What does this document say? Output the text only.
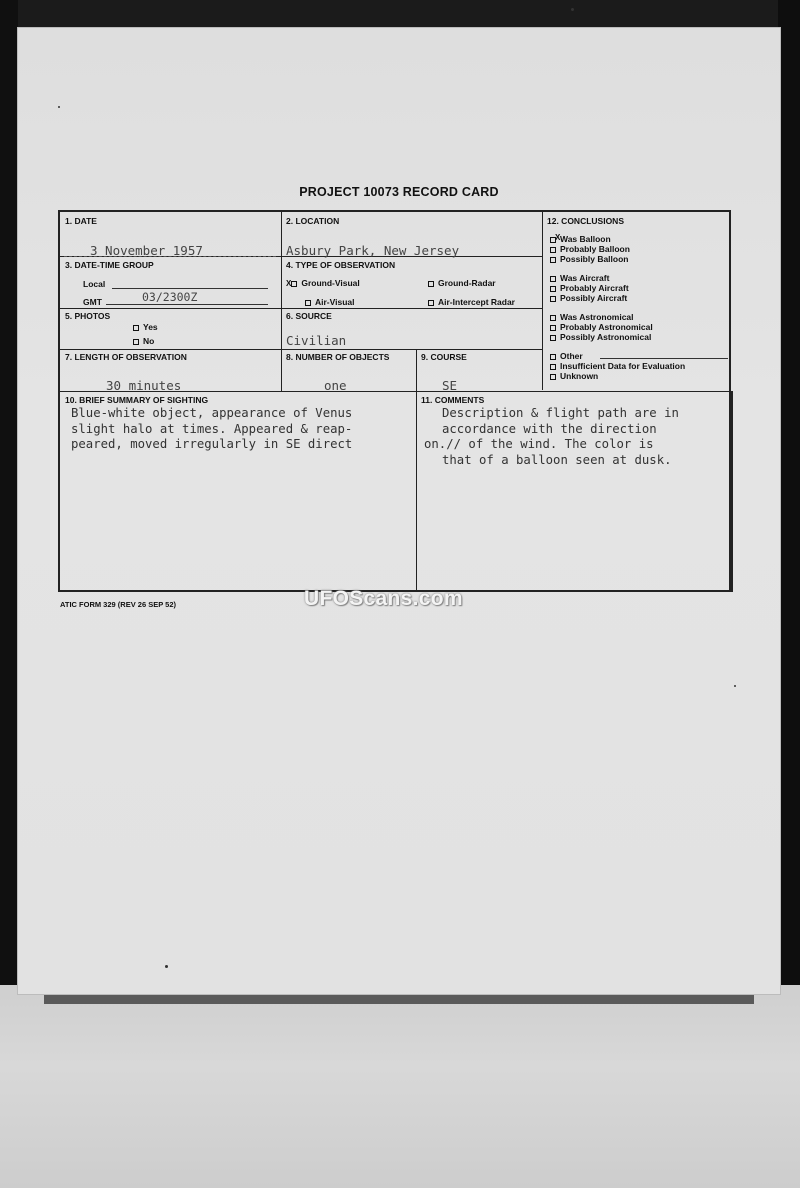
PROJECT 10073 RECORD CARD
1. DATE
3 November 1957
2. LOCATION
Asbury Park, New Jersey
3. DATE-TIME GROUP
Local
GMT	03/2300Z
4. TYPE OF OBSERVATION
X Ground-Visual	Ground-Radar
Air-Visual	Air-Intercept Radar
5. PHOTOS
Yes
No
6. SOURCE
Civilian
7. LENGTH OF OBSERVATION
30 minutes
8. NUMBER OF OBJECTS
one
9. COURSE
SE
10. BRIEF SUMMARY OF SIGHTING
Blue-white object, appearance of Venus
slight halo at times. Appeared & reap-
peared, moved irregularly in SE direct
11. COMMENTS
Description & flight path are in
accordance with the direction
on.// of the wind. The color is
that of a balloon seen at dusk.
12. CONCLUSIONS
X Was Balloon
Probably Balloon
Possibly Balloon
Was Aircraft
Probably Aircraft
Possibly Aircraft
Was Astronomical
Probably Astronomical
Possibly Astronomical
Other
Insufficient Data for Evaluation
Unknown
ATIC FORM 329 (REV 26 SEP 52)	UFOScans.com
